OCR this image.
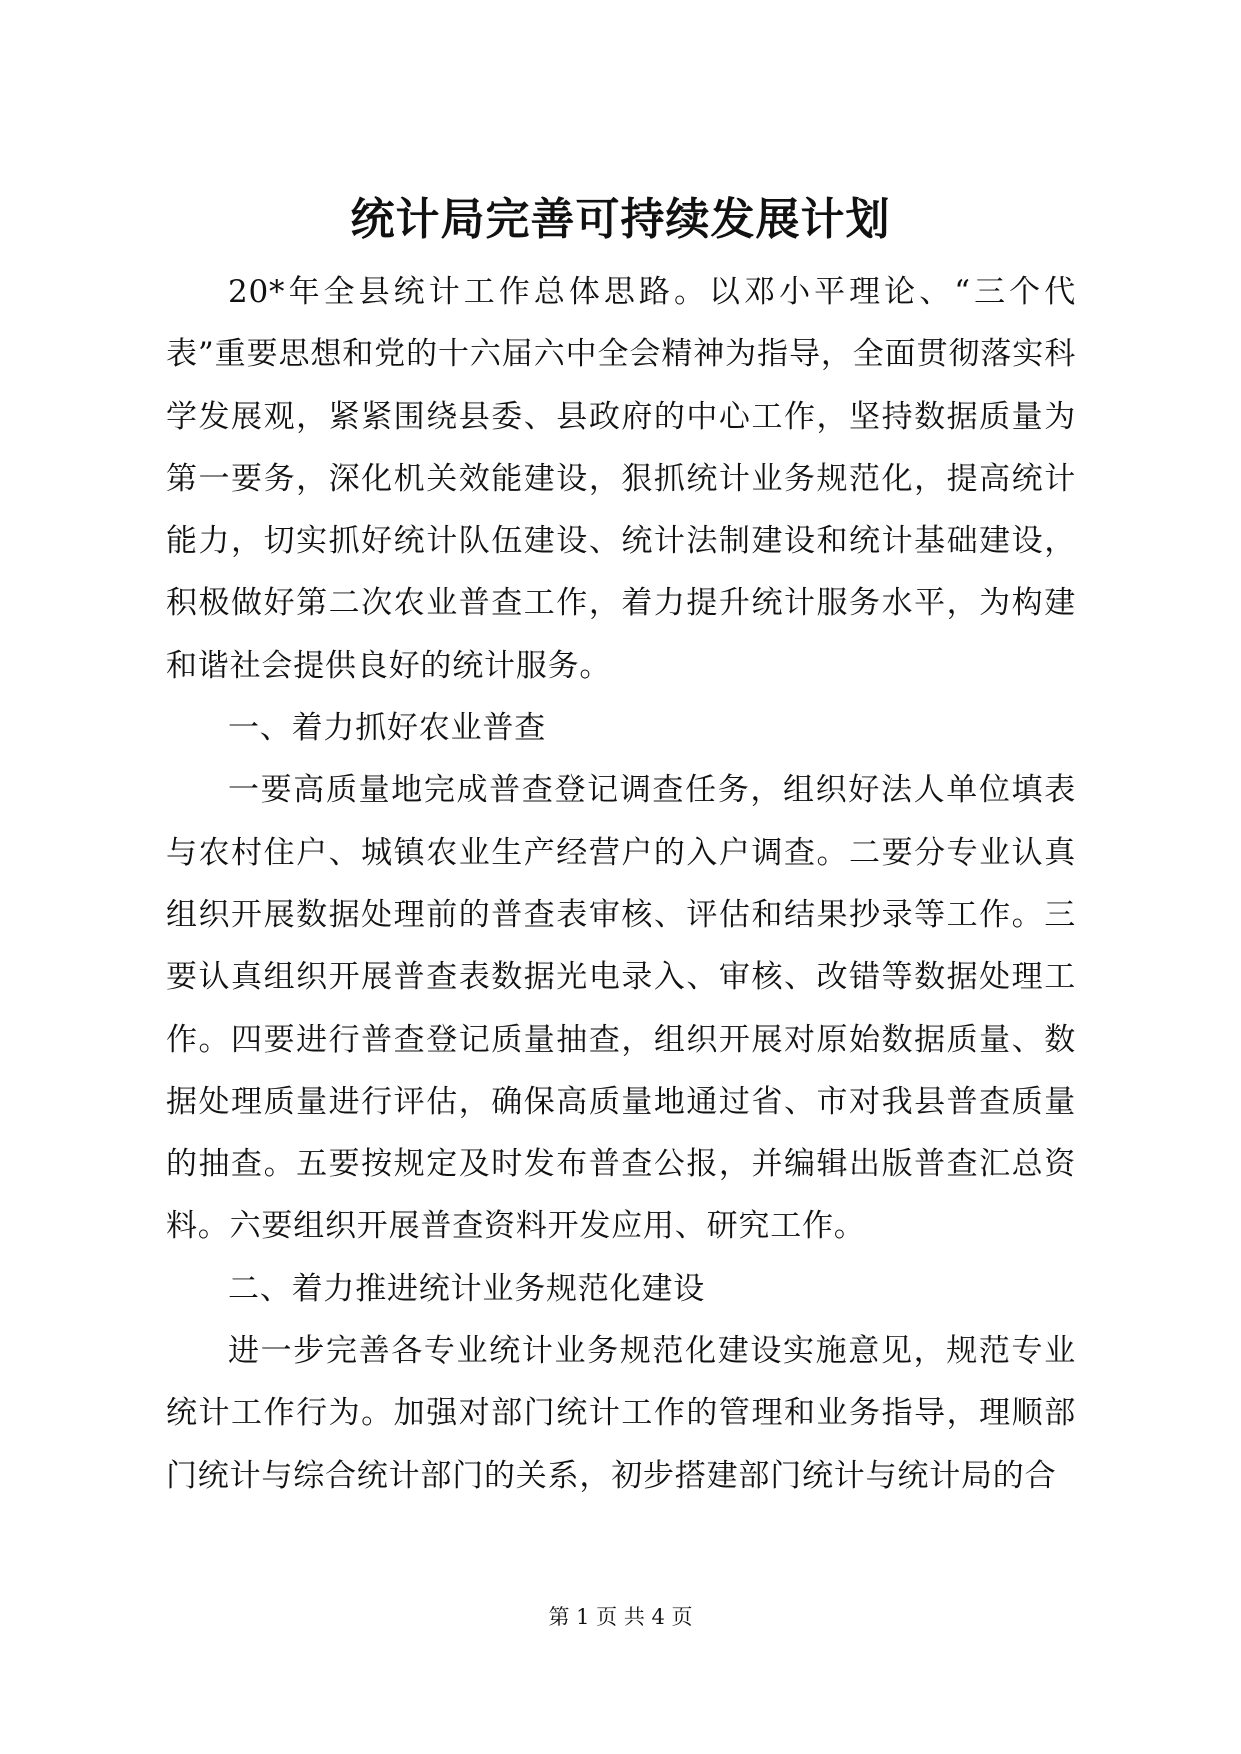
统计局完善可持续发展计划

20*年全县统计工作总体思路。以邓小平理论、“三个代表”重要思想和党的十六届六中全会精神为指导，全面贯彻落实科学发展观，紧紧围绕县委、县政府的中心工作，坚持数据质量为第一要务，深化机关效能建设，狠抓统计业务规范化，提高统计能力，切实抓好统计队伍建设、统计法制建设和统计基础建设，积极做好第二次农业普查工作，着力提升统计服务水平，为构建和谐社会提供良好的统计服务。

一、着力抓好农业普查

一要高质量地完成普查登记调查任务，组织好法人单位填表与农村住户、城镇农业生产经营户的入户调查。二要分专业认真组织开展数据处理前的普查表审核、评估和结果抄录等工作。三要认真组织开展普查表数据光电录入、审核、改错等数据处理工作。四要进行普查登记质量抽查，组织开展对原始数据质量、数据处理质量进行评估，确保高质量地通过省、市对我县普查质量的抽查。五要按规定及时发布普查公报，并编辑出版普查汇总资料。六要组织开展普查资料开发应用、研究工作。

二、着力推进统计业务规范化建设

进一步完善各专业统计业务规范化建设实施意见，规范专业统计工作行为。加强对部门统计工作的管理和业务指导，理顺部门统计与综合统计部门的关系，初步搭建部门统计与统计局的合

第 1 页 共 4 页
